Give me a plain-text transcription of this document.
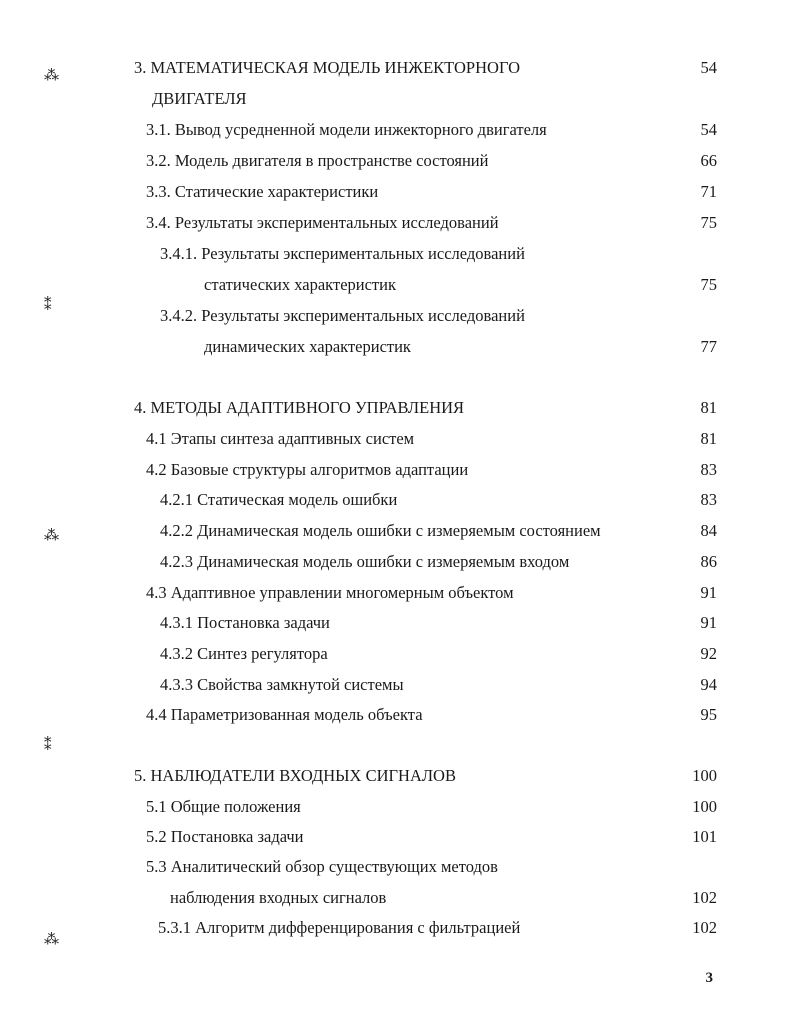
⁂
⁑
⁂
⁑
⁂
3. МАТЕМАТИЧЕСКАЯ МОДЕЛЬ ИНЖЕКТОРНОГО	54
ДВИГАТЕЛЯ
3.1. Вывод усредненной модели инжекторного двигателя	54
3.2. Модель двигателя в пространстве состояний	66
3.3. Статические характеристики	71
3.4. Результаты экспериментальных исследований	75
3.4.1. Результаты экспериментальных исследований
статических характеристик	75
3.4.2. Результаты экспериментальных исследований
динамических характеристик	77
4. МЕТОДЫ АДАПТИВНОГО УПРАВЛЕНИЯ	81
4.1 Этапы синтеза адаптивных систем	81
4.2 Базовые структуры алгоритмов адаптации	83
4.2.1 Статическая модель ошибки	83
4.2.2 Динамическая модель ошибки с измеряемым состоянием	84
4.2.3 Динамическая модель ошибки с измеряемым входом	86
4.3 Адаптивное управлении многомерным объектом	91
4.3.1 Постановка задачи	91
4.3.2 Синтез регулятора	92
4.3.3 Свойства замкнутой системы	94
4.4 Параметризованная модель объекта	95
5. НАБЛЮДАТЕЛИ ВХОДНЫХ СИГНАЛОВ	100
5.1 Общие положения	100
5.2 Постановка задачи	101
5.3 Аналитический обзор существующих методов
наблюдения входных сигналов	102
5.3.1 Алгоритм дифференцирования с фильтрацией	102
3
